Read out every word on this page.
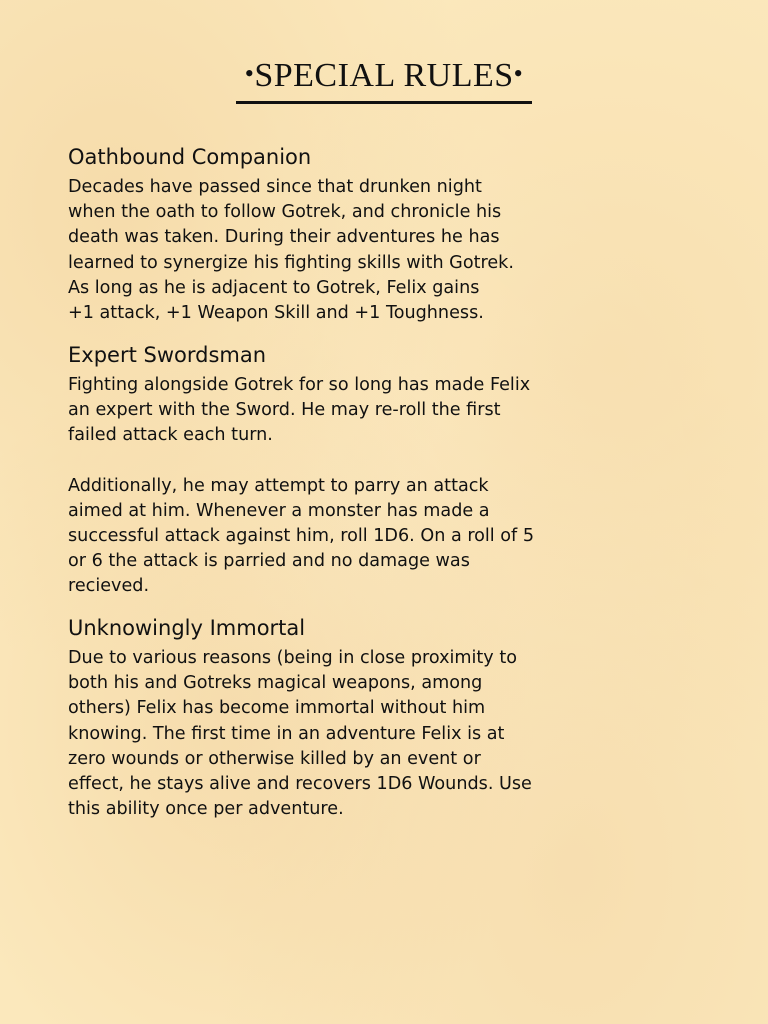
•SPECIAL RULES•
Oathbound Companion

Decades have passed since that drunken night
when the oath to follow Gotrek, and chronicle his
death was taken. During their adventures he has
learned to synergize his fighting skills with Gotrek.
As long as he is adjacent to Gotrek, Felix gains
+1 attack, +1 Weapon Skill and +1 Toughness.

Expert Swordsman

Fighting alongside Gotrek for so long has made Felix
an expert with the Sword. He may re-roll the first
failed attack each turn.

Additionally, he may attempt to parry an attack
aimed at him. Whenever a monster has made a
successful attack against him, roll 1D6. On a roll of 5
or 6 the attack is parried and no damage was
recieved.

Unknowingly Immortal

Due to various reasons (being in close proximity to
both his and Gotreks magical weapons, among
others) Felix has become immortal without him
knowing. The first time in an adventure Felix is at
zero wounds or otherwise killed by an event or
effect, he stays alive and recovers 1D6 Wounds. Use
this ability once per adventure.
